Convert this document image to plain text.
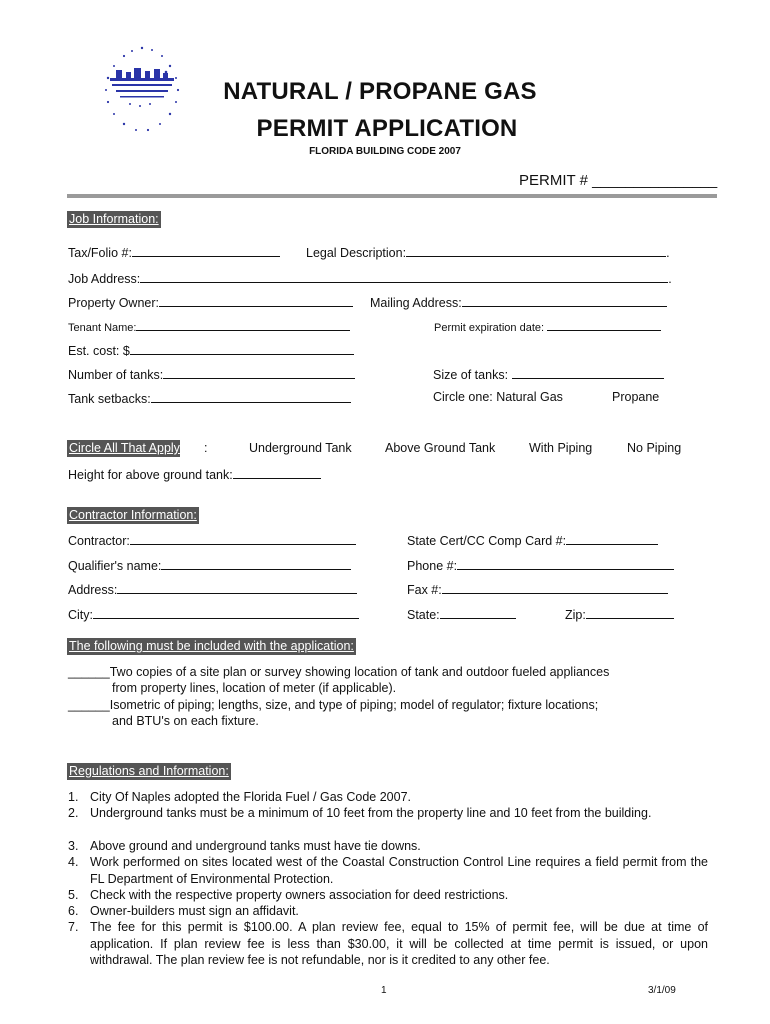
NATURAL / PROPANE GAS
PERMIT APPLICATION
FLORIDA BUILDING CODE 2007
PERMIT # _______________
Job Information:
Tax/Folio #:	Legal Description:	.
Job Address:	.
Property Owner:	Mailing Address:
Tenant Name:	Permit expiration date:
Est. cost: $
Number of tanks:	Size of tanks:
Tank setbacks:	Circle one: Natural Gas	Propane
Circle All That Apply :	Underground Tank	Above Ground Tank	With Piping	No Piping
Height for above ground tank:
Contractor Information:
Contractor:	State Cert/CC Comp Card #:
Qualifier's name:	Phone #:
Address:	Fax #:
City:	State:	Zip:
The following must be included with the application:
______Two copies of a site plan or survey showing location of tank and outdoor fueled appliances
from property lines, location of meter (if applicable).
______Isometric of piping; lengths, size, and type of piping; model of regulator; fixture locations;
and BTU's on each fixture.
Regulations and Information:
1. City Of Naples adopted the Florida Fuel / Gas Code 2007.
2. Underground tanks must be a minimum of 10 feet from the property line and 10 feet from the building.
3. Above ground and underground tanks must have tie downs.
4. Work performed on sites located west of the Coastal Construction Control Line requires a field permit from the FL Department of Environmental Protection.
5. Check with the respective property owners association for deed restrictions.
6. Owner-builders must sign an affidavit.
7. The fee for this permit is $100.00. A plan review fee, equal to 15% of permit fee, will be due at time of application. If plan review fee is less than $30.00, it will be collected at time permit is issued, or upon withdrawal. The plan review fee is not refundable, nor is it credited to any other fee.
1	3/1/09
